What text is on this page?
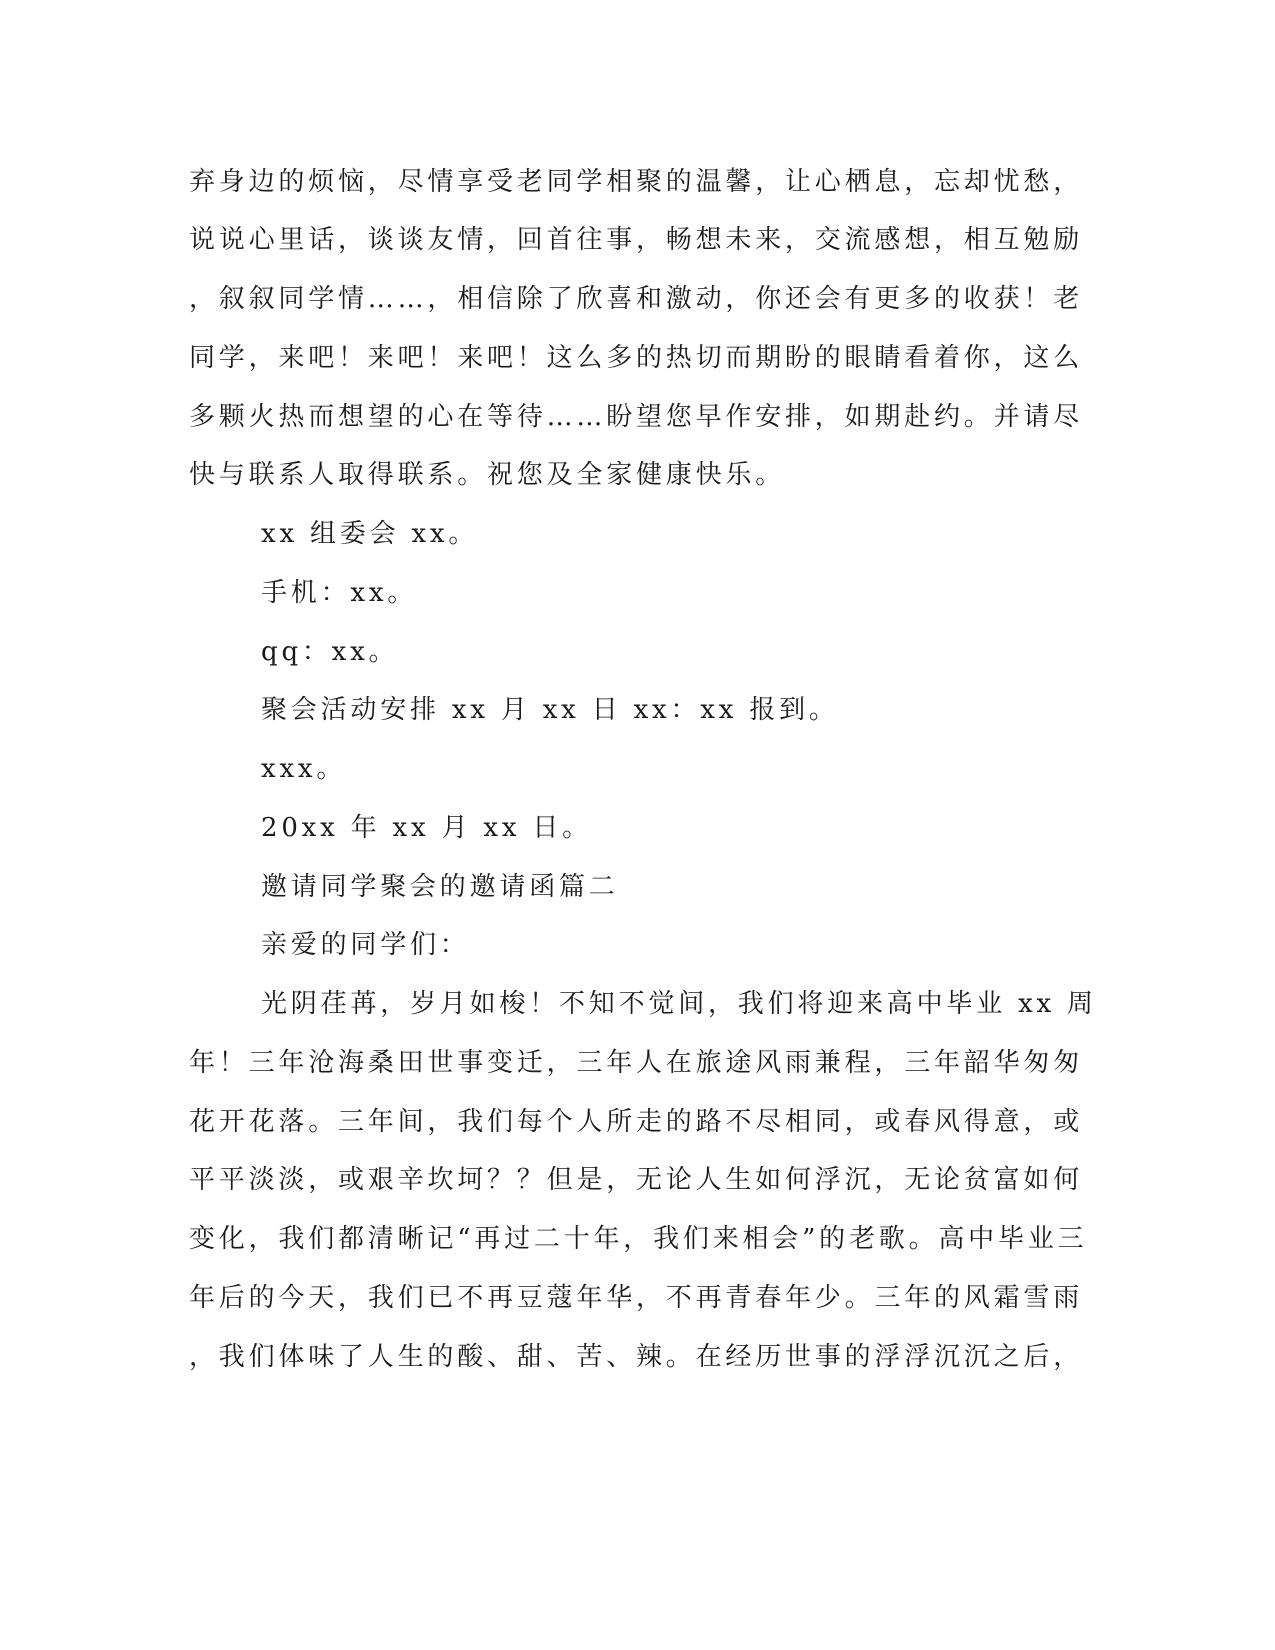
弃身边的烦恼，尽情享受老同学相聚的温馨，让心栖息，忘却忧愁，
说说心里话，谈谈友情，回首往事，畅想未来，交流感想，相互勉励
，叙叙同学情……，相信除了欣喜和激动，你还会有更多的收获！老
同学，来吧！来吧！来吧！这么多的热切而期盼的眼睛看着你，这么
多颗火热而想望的心在等待……盼望您早作安排，如期赴约。并请尽
快与联系人取得联系。祝您及全家健康快乐。
xx 组委会 xx。
手机：xx。
qq：xx。
聚会活动安排 xx 月 xx 日 xx：xx 报到。
xxx。
20xx 年 xx 月 xx 日。
邀请同学聚会的邀请函篇二
亲爱的同学们：
光阴荏苒，岁月如梭！不知不觉间，我们将迎来高中毕业 xx 周
年！三年沧海桑田世事变迁，三年人在旅途风雨兼程，三年韶华匆匆
花开花落。三年间，我们每个人所走的路不尽相同，或春风得意，或
平平淡淡，或艰辛坎坷？？但是，无论人生如何浮沉，无论贫富如何
变化，我们都清晰记“再过二十年，我们来相会”的老歌。高中毕业三
年后的今天，我们已不再豆蔻年华，不再青春年少。三年的风霜雪雨
，我们体味了人生的酸、甜、苦、辣。在经历世事的浮浮沉沉之后，
